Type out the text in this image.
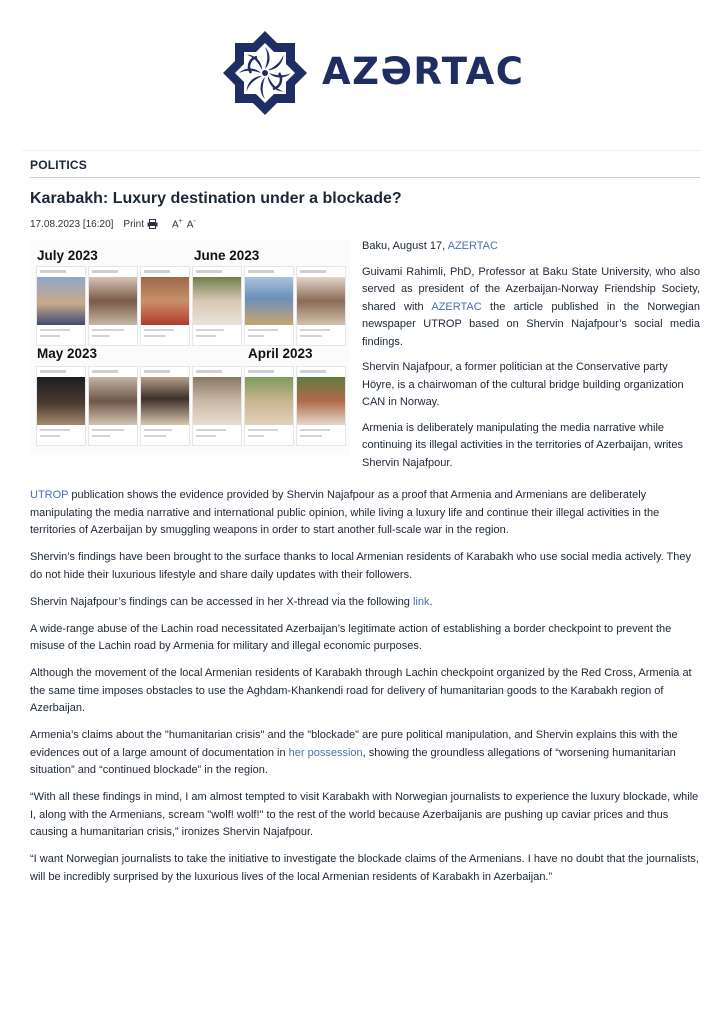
AZƏRTAC
POLITICS
Karabakh: Luxury destination under a blockade?
17.08.2023 [16:20] Print	A+ A-
July 2023	June 2023
May 2023	April 2023

Baku, August 17, AZERTAC

Guivami Rahimli, PhD, Professor at Baku State University, who also served as president of the Azerbaijan-Norway Friendship Society, shared with AZERTAC the article published in the Norwegian newspaper UTROP based on Shervin Najafpour’s social media findings.

Shervin Najafpour, a former politician at the Conservative party Höyre, is a chairwoman of the cultural bridge building organization CAN in Norway.

Armenia is deliberately manipulating the media narrative while continuing its illegal activities in the territories of Azerbaijan, writes Shervin Najafpour.

UTROP publication shows the evidence provided by Shervin Najafpour as a proof that Armenia and Armenians are deliberately manipulating the media narrative and international public opinion, while living a luxury life and continue their illegal activities in the territories of Azerbaijan by smuggling weapons in order to start another full-scale war in the region.

Shervin’s findings have been brought to the surface thanks to local Armenian residents of Karabakh who use social media actively. They do not hide their luxurious lifestyle and share daily updates with their followers.

Shervin Najafpour’s findings can be accessed in her X-thread via the following link.

A wide-range abuse of the Lachin road necessitated Azerbaijan’s legitimate action of establishing a border checkpoint to prevent the misuse of the Lachin road by Armenia for military and illegal economic purposes.

Although the movement of the local Armenian residents of Karabakh through Lachin checkpoint organized by the Red Cross, Armenia at the same time imposes obstacles to use the Aghdam-Khankendi road for delivery of humanitarian goods to the Karabakh region of Azerbaijan.

Armenia’s claims about the "humanitarian crisis" and the "blockade" are pure political manipulation, and Shervin explains this with the evidences out of a large amount of documentation in her possession, showing the groundless allegations of “worsening humanitarian situation” and “continued blockade” in the region.

“With all these findings in mind, I am almost tempted to visit Karabakh with Norwegian journalists to experience the luxury blockade, while I, along with the Armenians, scream "wolf! wolf!" to the rest of the world because Azerbaijanis are pushing up caviar prices and thus causing a humanitarian crisis,” ironizes Shervin Najafpour.

“I want Norwegian journalists to take the initiative to investigate the blockade claims of the Armenians. I have no doubt that the journalists, will be incredibly surprised by the luxurious lives of the local Armenian residents of Karabakh in Azerbaijan.”
